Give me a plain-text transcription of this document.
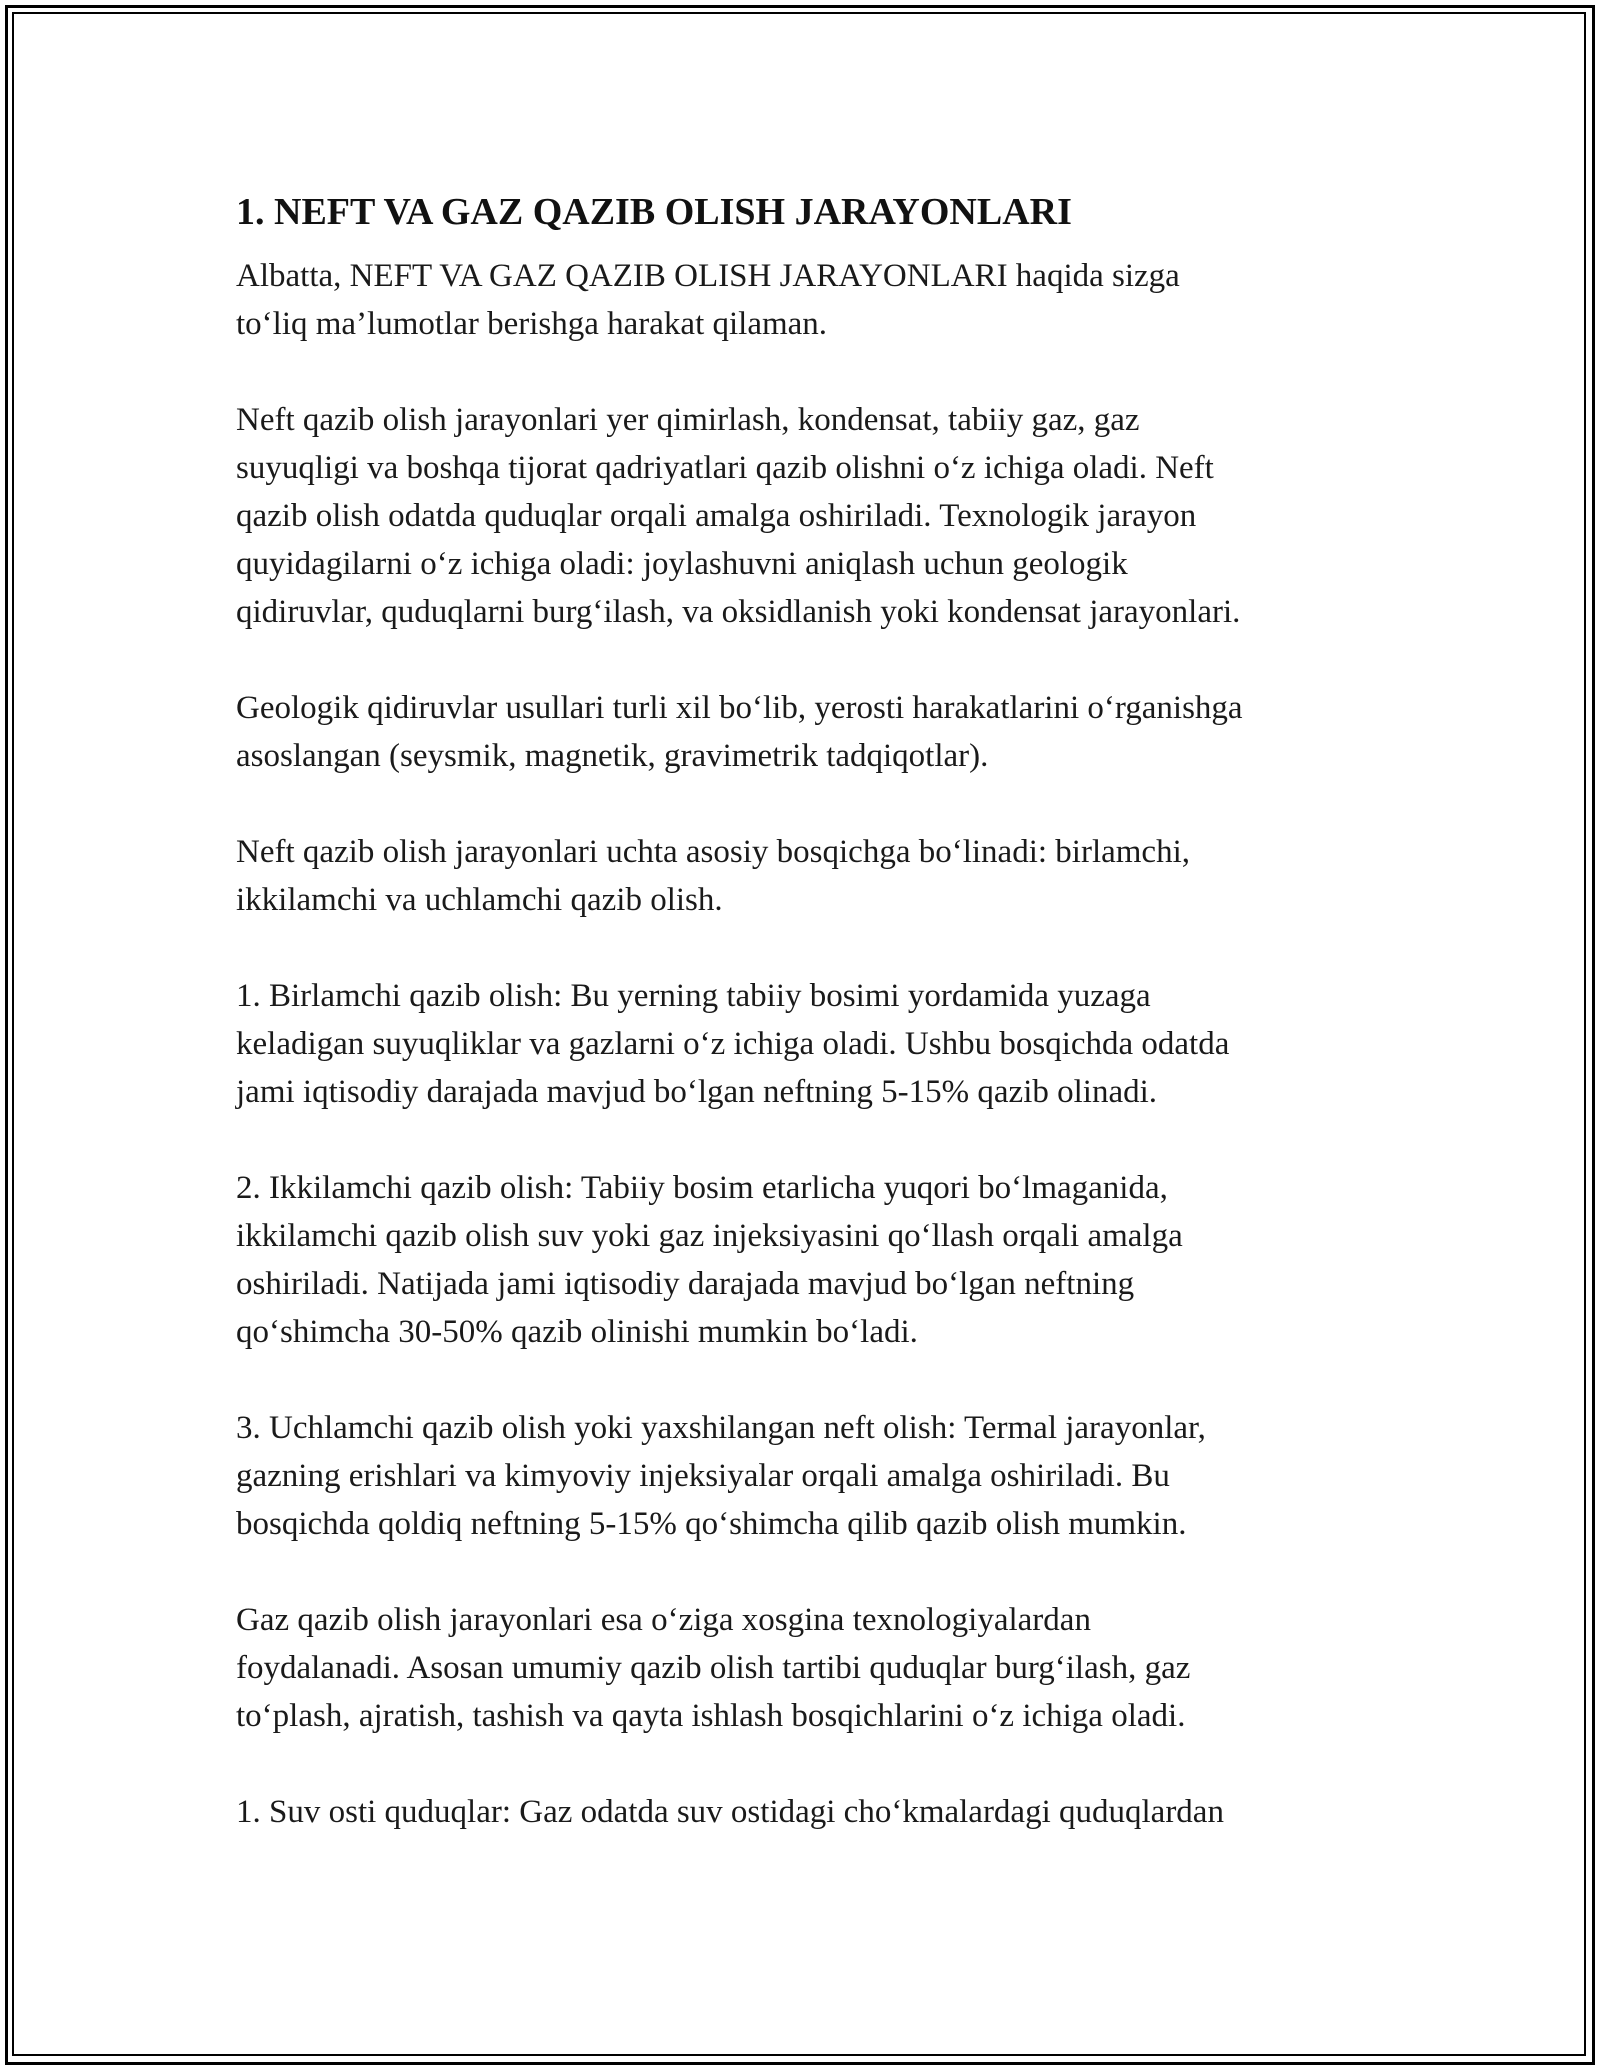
1. NEFT VA GAZ QAZIB OLISH JARAYONLARI

Albatta, NEFT VA GAZ QAZIB OLISH JARAYONLARI haqida sizga
to‘liq ma’lumotlar berishga harakat qilaman.

Neft qazib olish jarayonlari yer qimirlash, kondensat, tabiiy gaz, gaz
suyuqligi va boshqa tijorat qadriyatlari qazib olishni o‘z ichiga oladi. Neft
qazib olish odatda quduqlar orqali amalga oshiriladi. Texnologik jarayon
quyidagilarni o‘z ichiga oladi: joylashuvni aniqlash uchun geologik
qidiruvlar, quduqlarni burg‘ilash, va oksidlanish yoki kondensat jarayonlari.

Geologik qidiruvlar usullari turli xil bo‘lib, yerosti harakatlarini o‘rganishga
asoslangan (seysmik, magnetik, gravimetrik tadqiqotlar).

Neft qazib olish jarayonlari uchta asosiy bosqichga bo‘linadi: birlamchi,
ikkilamchi va uchlamchi qazib olish.

1. Birlamchi qazib olish: Bu yerning tabiiy bosimi yordamida yuzaga
keladigan suyuqliklar va gazlarni o‘z ichiga oladi. Ushbu bosqichda odatda
jami iqtisodiy darajada mavjud bo‘lgan neftning 5-15% qazib olinadi.

2. Ikkilamchi qazib olish: Tabiiy bosim etarlicha yuqori bo‘lmaganida,
ikkilamchi qazib olish suv yoki gaz injeksiyasini qo‘llash orqali amalga
oshiriladi. Natijada jami iqtisodiy darajada mavjud bo‘lgan neftning
qo‘shimcha 30-50% qazib olinishi mumkin bo‘ladi.

3. Uchlamchi qazib olish yoki yaxshilangan neft olish: Termal jarayonlar,
gazning erishlari va kimyoviy injeksiyalar orqali amalga oshiriladi. Bu
bosqichda qoldiq neftning 5-15% qo‘shimcha qilib qazib olish mumkin.

Gaz qazib olish jarayonlari esa o‘ziga xosgina texnologiyalardan
foydalanadi. Asosan umumiy qazib olish tartibi quduqlar burg‘ilash, gaz
to‘plash, ajratish, tashish va qayta ishlash bosqichlarini o‘z ichiga oladi.

1. Suv osti quduqlar: Gaz odatda suv ostidagi cho‘kmalardagi quduqlardan
